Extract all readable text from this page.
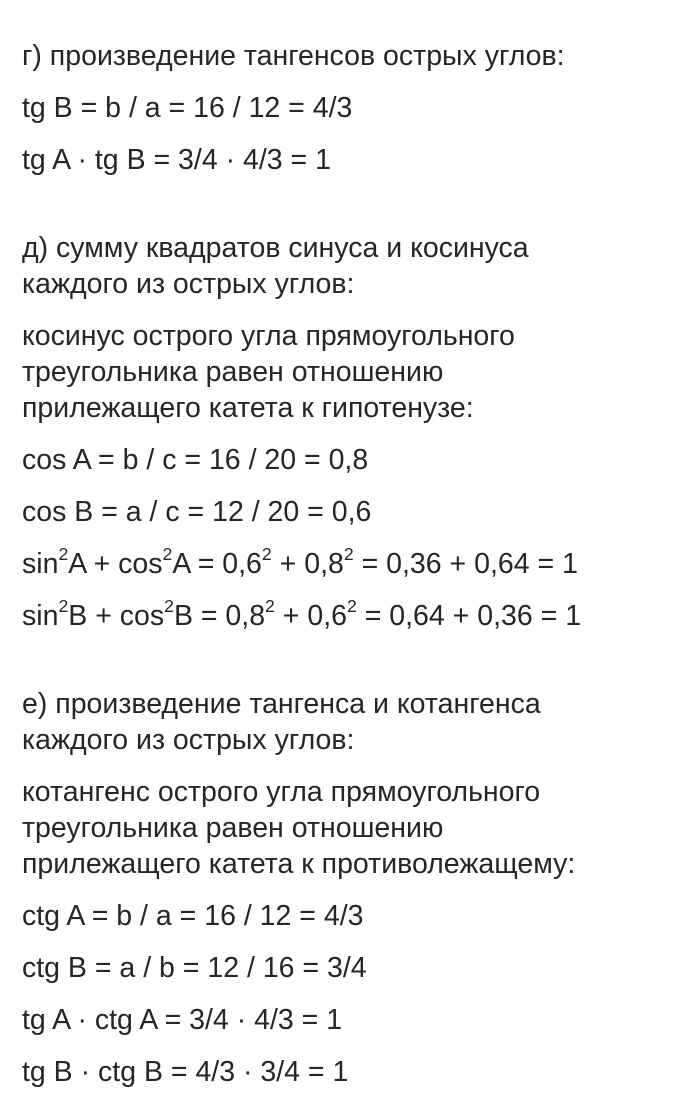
г) произведение тангенсов острых углов:

tg B = b / a = 16 / 12 = 4/3

tg A · tg B = 3/4 · 4/3 = 1

д) сумму квадратов синуса и косинуса

каждого из острых углов:

косинус острого угла прямоугольного

треугольника равен отношению

прилежащего катета к гипотенузе:

cos A = b / c = 16 / 20 = 0,8

cos B = a / c = 12 / 20 = 0,6

$\sin^2A + \cos^2A = 0,6^2 + 0,8^2 = 0,36 + 0,64 = 1$

$\sin^2B + \cos^2B = 0,8^2 + 0,6^2 = 0,64 + 0,36 = 1$

е) произведение тангенса и котангенса

каждого из острых углов:

котангенс острого угла прямоугольного

треугольника равен отношению

прилежащего катета к противолежащему:

ctg A = b / a = 16 / 12 = 4/3

ctg B = a / b = 12 / 16 = 3/4

tg A · ctg A = 3/4 · 4/3 = 1

tg B · ctg B = 4/3 · 3/4 = 1
